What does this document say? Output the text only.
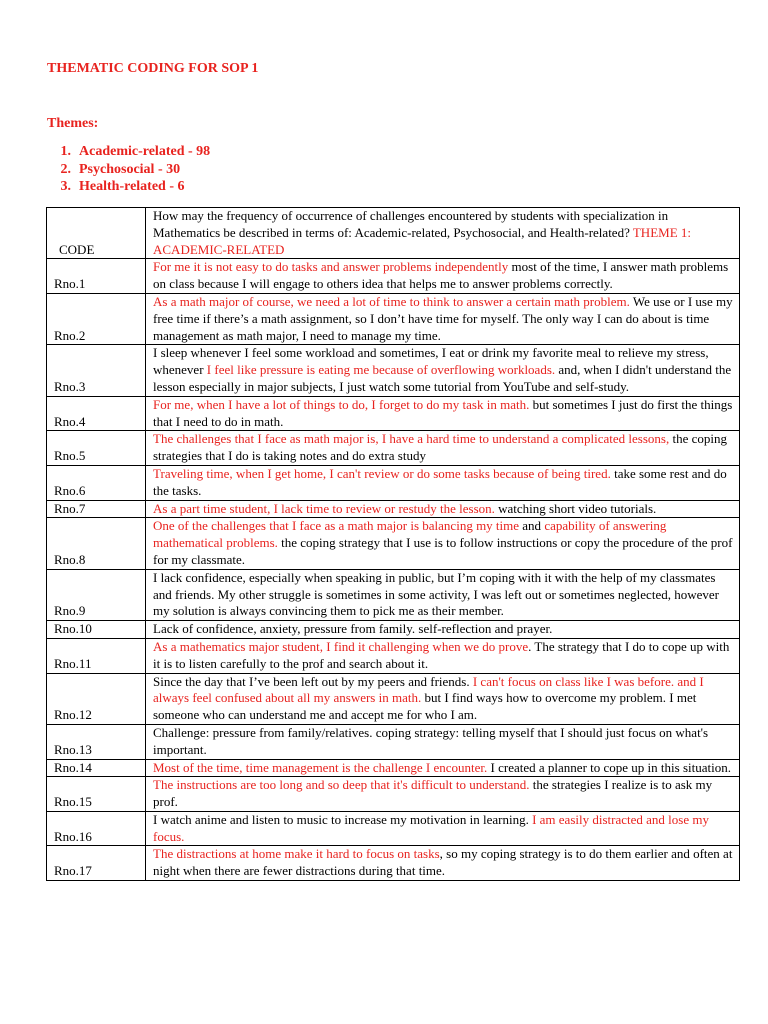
THEMATIC CODING FOR SOP 1

Themes:

1. Academic-related - 98
2. Psychosocial - 30
3. Health-related - 6
CODE	How may the frequency of occurrence of challenges encountered by students with specialization in Mathematics be described in terms of: Academic-related, Psychosocial, and Health-related? THEME 1: ACADEMIC-RELATED
Rno.1	For me it is not easy to do tasks and answer problems independently most of the time, I answer math problems on class because I will engage to others idea that helps me to answer problems correctly.
Rno.2	As a math major of course, we need a lot of time to think to answer a certain math problem. We use or I use my free time if there’s a math assignment, so I don’t have time for myself. The only way I can do about is time management as math major, I need to manage my time.
Rno.3	I sleep whenever I feel some workload and sometimes, I eat or drink my favorite meal to relieve my stress, whenever I feel like pressure is eating me because of overflowing workloads. and, when I didn't understand the lesson especially in major subjects, I just watch some tutorial from YouTube and self-study.
Rno.4	For me, when I have a lot of things to do, I forget to do my task in math. but sometimes I just do first the things that I need to do in math.
Rno.5	The challenges that I face as math major is, I have a hard time to understand a complicated lessons, the coping strategies that I do is taking notes and do extra study
Rno.6	Traveling time, when I get home, I can't review or do some tasks because of being tired. take some rest and do the tasks.
Rno.7	As a part time student, I lack time to review or restudy the lesson. watching short video tutorials.
Rno.8	One of the challenges that I face as a math major is balancing my time and capability of answering mathematical problems. the coping strategy that I use is to follow instructions or copy the procedure of the prof for my classmate.
Rno.9	I lack confidence, especially when speaking in public, but I’m coping with it with the help of my classmates and friends. My other struggle is sometimes in some activity, I was left out or sometimes neglected, however my solution is always convincing them to pick me as their member.
Rno.10	Lack of confidence, anxiety, pressure from family. self-reflection and prayer.
Rno.11	As a mathematics major student, I find it challenging when we do prove. The strategy that I do to cope up with it is to listen carefully to the prof and search about it.
Rno.12	Since the day that I’ve been left out by my peers and friends. I can't focus on class like I was before. and I always feel confused about all my answers in math. but I find ways how to overcome my problem. I met someone who can understand me and accept me for who I am.
Rno.13	Challenge: pressure from family/relatives. coping strategy: telling myself that I should just focus on what's important.
Rno.14	Most of the time, time management is the challenge I encounter. I created a planner to cope up in this situation.
Rno.15	The instructions are too long and so deep that it's difficult to understand. the strategies I realize is to ask my prof.
Rno.16	I watch anime and listen to music to increase my motivation in learning. I am easily distracted and lose my focus.
Rno.17	The distractions at home make it hard to focus on tasks, so my coping strategy is to do them earlier and often at night when there are fewer distractions during that time.
